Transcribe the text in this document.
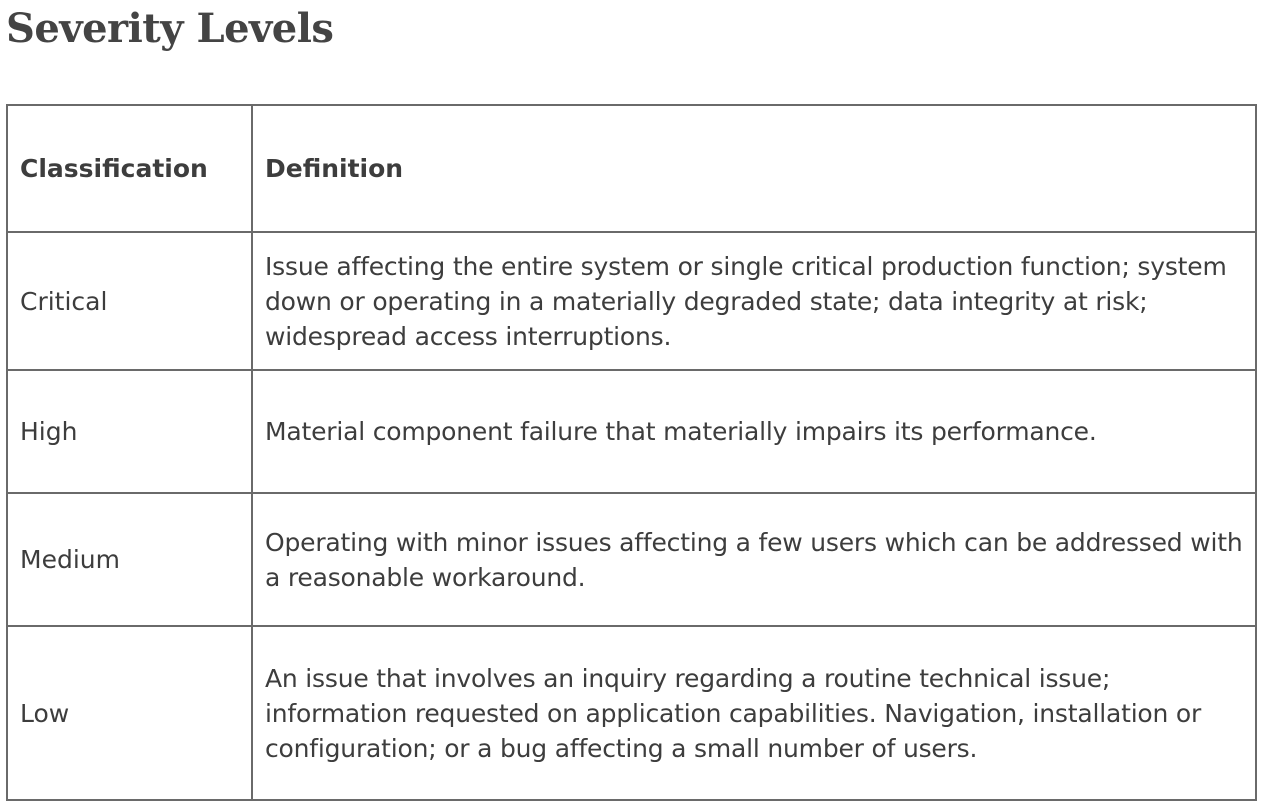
Severity Levels
Classification	Definition
Critical	Issue affecting the entire system or single critical production function; system down or operating in a materially degraded state; data integrity at risk; widespread access interruptions.
High	Material component failure that materially impairs its performance.
Medium	Operating with minor issues affecting a few users which can be addressed with a reasonable workaround.
Low	An issue that involves an inquiry regarding a routine technical issue; information requested on application capabilities. Navigation, installation or configuration; or a bug affecting a small number of users.
